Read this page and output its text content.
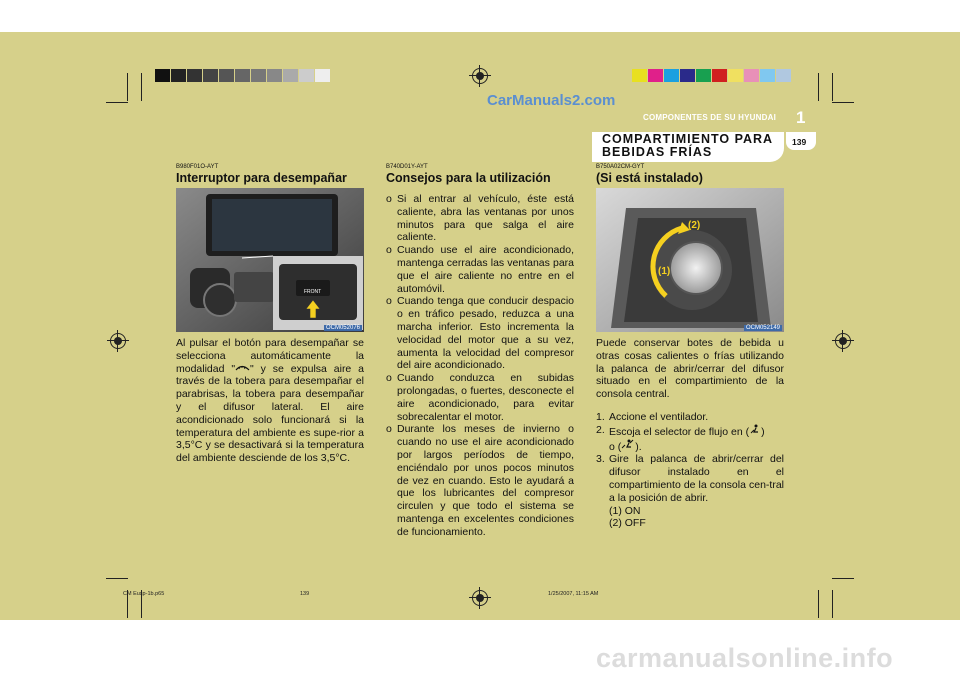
CarManuals2.com
COMPONENTES DE SU HYUNDAI 1
COMPARTIMIENTO PARA BEBIDAS FRÍAS
139
B980F01O-AYT
Interruptor para desempañar
FRONT
OCM052076
Al pulsar el botón para desempañar se selecciona automáticamente la modalidad " " y se expulsa aire a través de la tobera para desempañar el parabrisas, la tobera para desempañar y el difusor lateral. El aire acondicionado solo funcionará si la temperatura del ambiente es supe-rior a 3,5°C y se desactivará si la temperatura del ambiente desciende de los 3,5°C.
B740D01Y-AYT
Consejos para la utilización
o Si al entrar al vehículo, éste está caliente, abra las ventanas por unos minutos para que salga el aire caliente.
o Cuando use el aire acondicionado, mantenga cerradas las ventanas para que el aire caliente no entre en el automóvil.
o Cuando tenga que conducir despacio o en tráfico pesado, reduzca a una marcha inferior. Esto incrementa la velocidad del motor que a su vez, aumenta la velocidad del compresor del aire acondicionado.
o Cuando conduzca en subidas prolongadas, o fuertes, desconecte el aire acondicionado, para evitar sobrecalentar el motor.
o Durante los meses de invierno o cuando no use el aire acondicionado por largos períodos de tiempo, enciéndalo por unos pocos minutos de vez en cuando. Esto le ayudará a que los lubricantes del compresor circulen y que todo el sistema se mantenga en excelentes condiciones de funcionamiento.
B750A02CM-GYT
(Si está instalado)
(2)
(1)
OCM052149
Puede conservar botes de bebida u otras cosas calientes o frías utilizando la palanca de abrir/cerrar del difusor situado en el compartimiento de la consola central.
1. Accione el ventilador.
2. Escoja el selector de flujo en ( )
o ( ).
3. Gire la palanca de abrir/cerrar del difusor instalado en el compartimiento de la consola cen-tral a la posición de abrir.
(1) ON
(2) OFF
CM Eusp-1b.p65	139	1/25/2007, 11:15 AM
carmanualsonline.info
